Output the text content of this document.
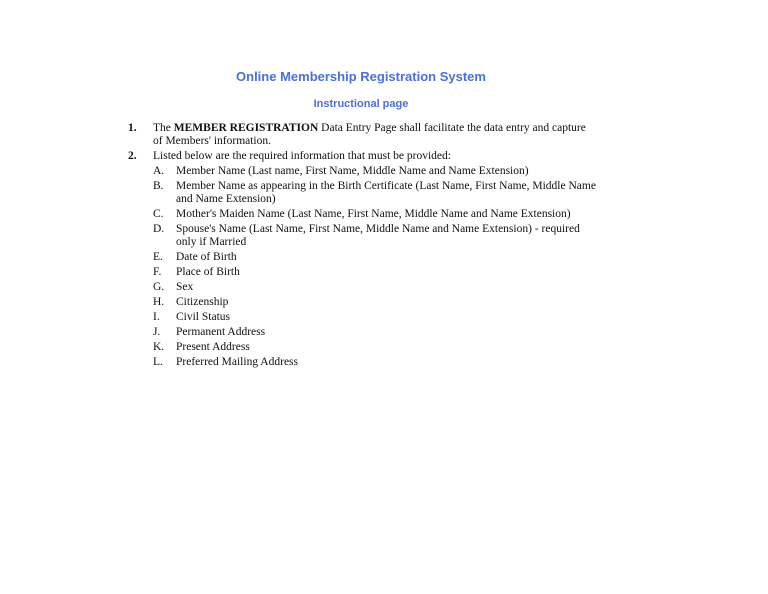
Online Membership Registration System
Instructional page
1.	The MEMBER REGISTRATION Data Entry Page shall facilitate the data entry and capture of Members' information.
2.	Listed below are the required information that must be provided:
A.	Member Name (Last name, First Name, Middle Name and Name Extension)
B.	Member Name as appearing in the Birth Certificate (Last Name, First Name, Middle Name and Name Extension)
C.	Mother's Maiden Name (Last Name, First Name, Middle Name and Name Extension)
D.	Spouse's Name (Last Name, First Name, Middle Name and Name Extension) - required only if Married
E.	Date of Birth
F.	Place of Birth
G.	Sex
H.	Citizenship
I.	Civil Status
J.	Permanent Address
K.	Present Address
L.	Preferred Mailing Address
